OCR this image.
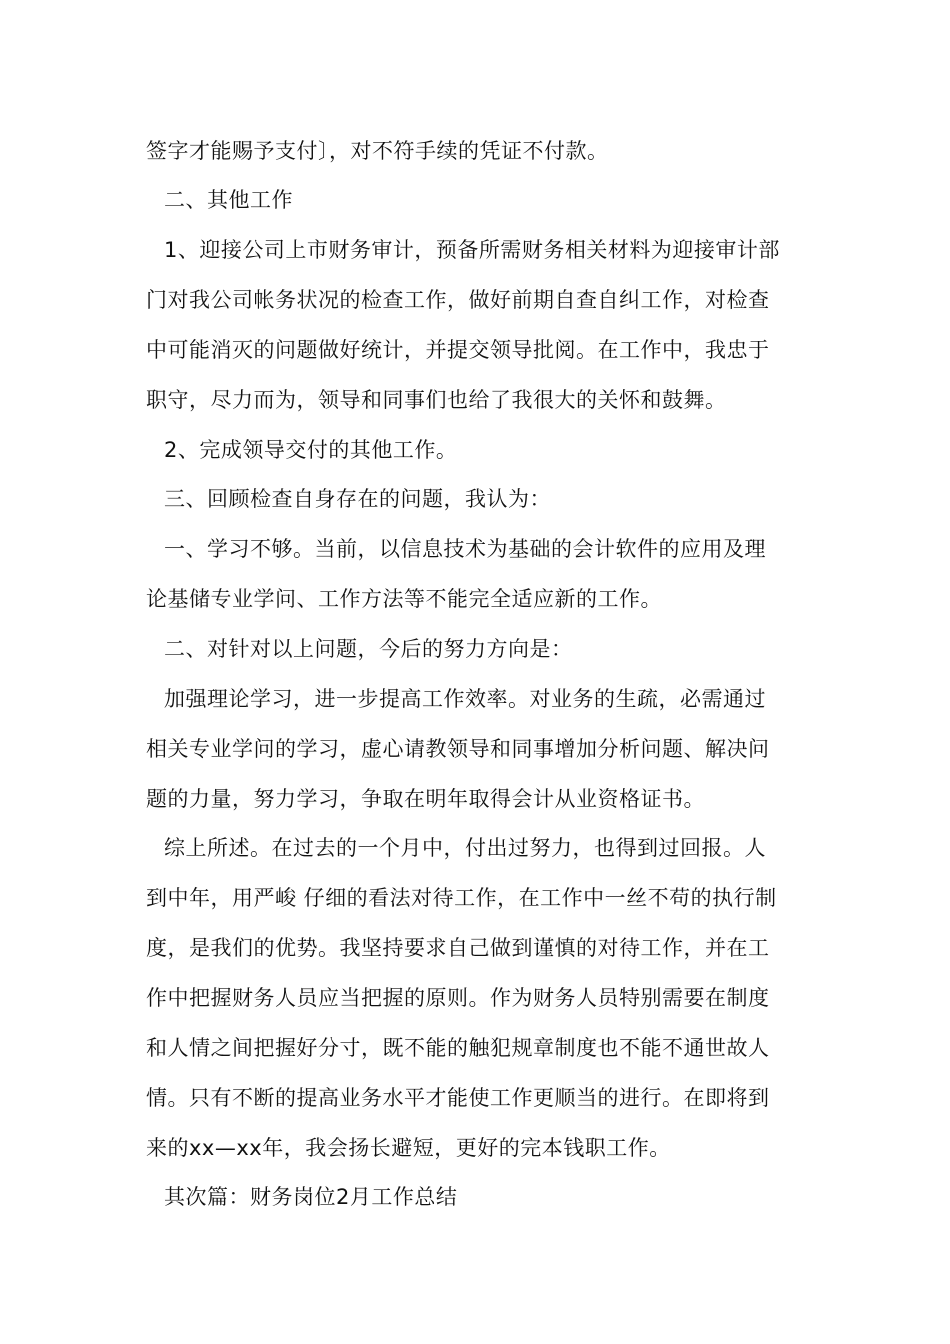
签字才能赐予支付〕，对不符手续的凭证不付款。

二、其他工作

1、迎接公司上市财务审计，预备所需财务相关材料为迎接审计部

门对我公司帐务状况的检查工作，做好前期自查自纠工作，对检查

中可能消灭的问题做好统计，并提交领导批阅。在工作中，我忠于

职守，尽力而为，领导和同事们也给了我很大的关怀和鼓舞。

2、完成领导交付的其他工作。

三、回顾检查自身存在的问题，我认为：

一、学习不够。当前，以信息技术为基础的会计软件的应用及理

论基储专业学问、工作方法等不能完全适应新的工作。

二、对针对以上问题，今后的努力方向是：

加强理论学习，进一步提高工作效率。对业务的生疏，必需通过

相关专业学问的学习，虚心请教领导和同事增加分析问题、解决问

题的力量，努力学习，争取在明年取得会计从业资格证书。

综上所述。在过去的一个月中，付出过努力，也得到过回报。人

到中年，用严峻 仔细的看法对待工作，在工作中一丝不苟的执行制

度，是我们的优势。我坚持要求自己做到谨慎的对待工作，并在工

作中把握财务人员应当把握的原则。作为财务人员特别需要在制度

和人情之间把握好分寸，既不能的触犯规章制度也不能不通世故人

情。只有不断的提高业务水平才能使工作更顺当的进行。在即将到

来的xx—xx年，我会扬长避短，更好的完本钱职工作。

其次篇：财务岗位2月工作总结
